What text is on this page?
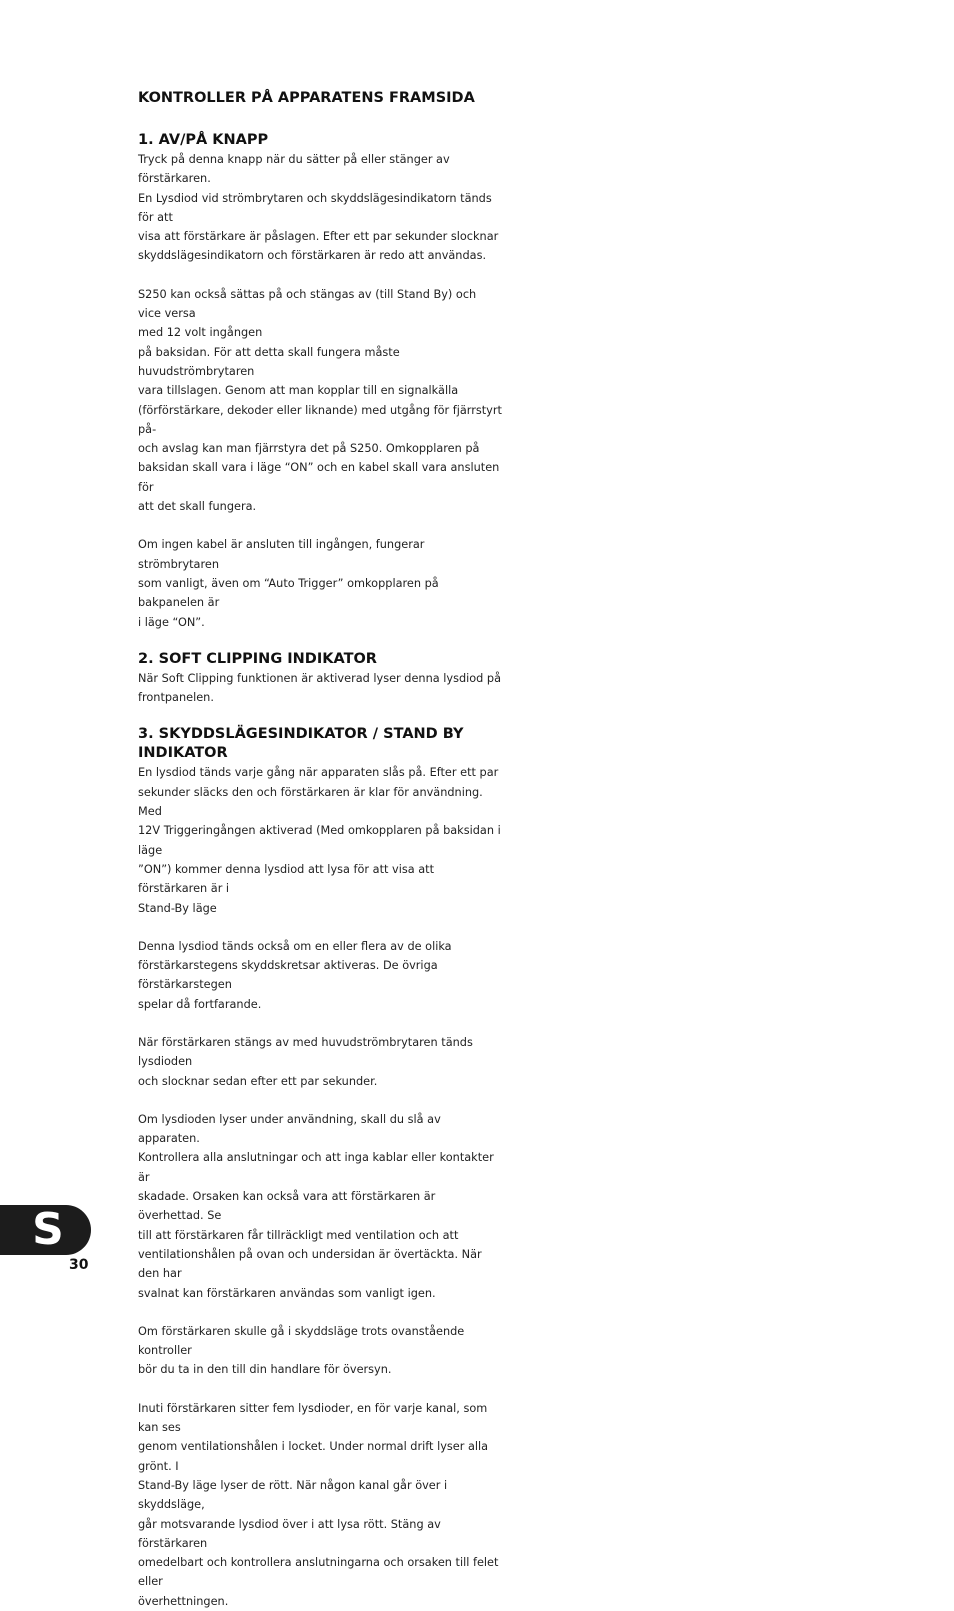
KONTROLLER PÅ APPARATENS FRAMSIDA
1. AV/PÅ KNAPP

Tryck på denna knapp när du sätter på eller stänger av förstärkaren.
En Lysdiod vid strömbrytaren och skyddslägesindikatorn tänds för att
visa att förstärkare är påslagen. Efter ett par sekunder slocknar
skyddslägesindikatorn och förstärkaren är redo att användas.

S250 kan också sättas på och stängas av (till Stand By) och vice versa
med 12 volt ingången
på baksidan. För att detta skall fungera måste huvudströmbrytaren
vara tillslagen. Genom att man kopplar till en signalkälla
(förförstärkare, dekoder eller liknande) med utgång för fjärrstyrt på-
och avslag kan man fjärrstyra det på S250. Omkopplaren på
baksidan skall vara i läge “ON” och en kabel skall vara ansluten för
att det skall fungera.

Om ingen kabel är ansluten till ingången, fungerar strömbrytaren
som vanligt, även om “Auto Trigger” omkopplaren på bakpanelen är
i läge “ON”.

2. SOFT CLIPPING INDIKATOR

När Soft Clipping funktionen är aktiverad lyser denna lysdiod på
frontpanelen.

3. SKYDDSLÄGESINDIKATOR / STAND BY
INDIKATOR

En lysdiod tänds varje gång när apparaten slås på. Efter ett par
sekunder släcks den och förstärkaren är klar för användning. Med
12V Triggeringången aktiverad (Med omkopplaren på baksidan i läge
”ON”) kommer denna lysdiod att lysa för att visa att förstärkaren är i
Stand-By läge

Denna lysdiod tänds också om en eller flera av de olika
förstärkarstegens skyddskretsar aktiveras. De övriga förstärkarstegen
spelar då fortfarande.

När förstärkaren stängs av med huvudströmbrytaren tänds lysdioden
och slocknar sedan efter ett par sekunder.

Om lysdioden lyser under användning, skall du slå av apparaten.
Kontrollera alla anslutningar och att inga kablar eller kontakter är
skadade. Orsaken kan också vara att förstärkaren är överhettad. Se
till att förstärkaren får tillräckligt med ventilation och att
ventilationshålen på ovan och undersidan är övertäckta. När den har
svalnat kan förstärkaren användas som vanligt igen.

Om förstärkaren skulle gå i skyddsläge trots ovanstående kontroller
bör du ta in den till din handlare för översyn.

Inuti förstärkaren sitter fem lysdioder, en för varje kanal, som kan ses
genom ventilationshålen i locket. Under normal drift lyser alla grönt. I
Stand-By läge lyser de rött. När någon kanal går över i skyddsläge,
går motsvarande lysdiod över i att lysa rött. Stäng av förstärkaren
omedelbart och kontrollera anslutningarna och orsaken till felet eller
överhettningen.

S
30
